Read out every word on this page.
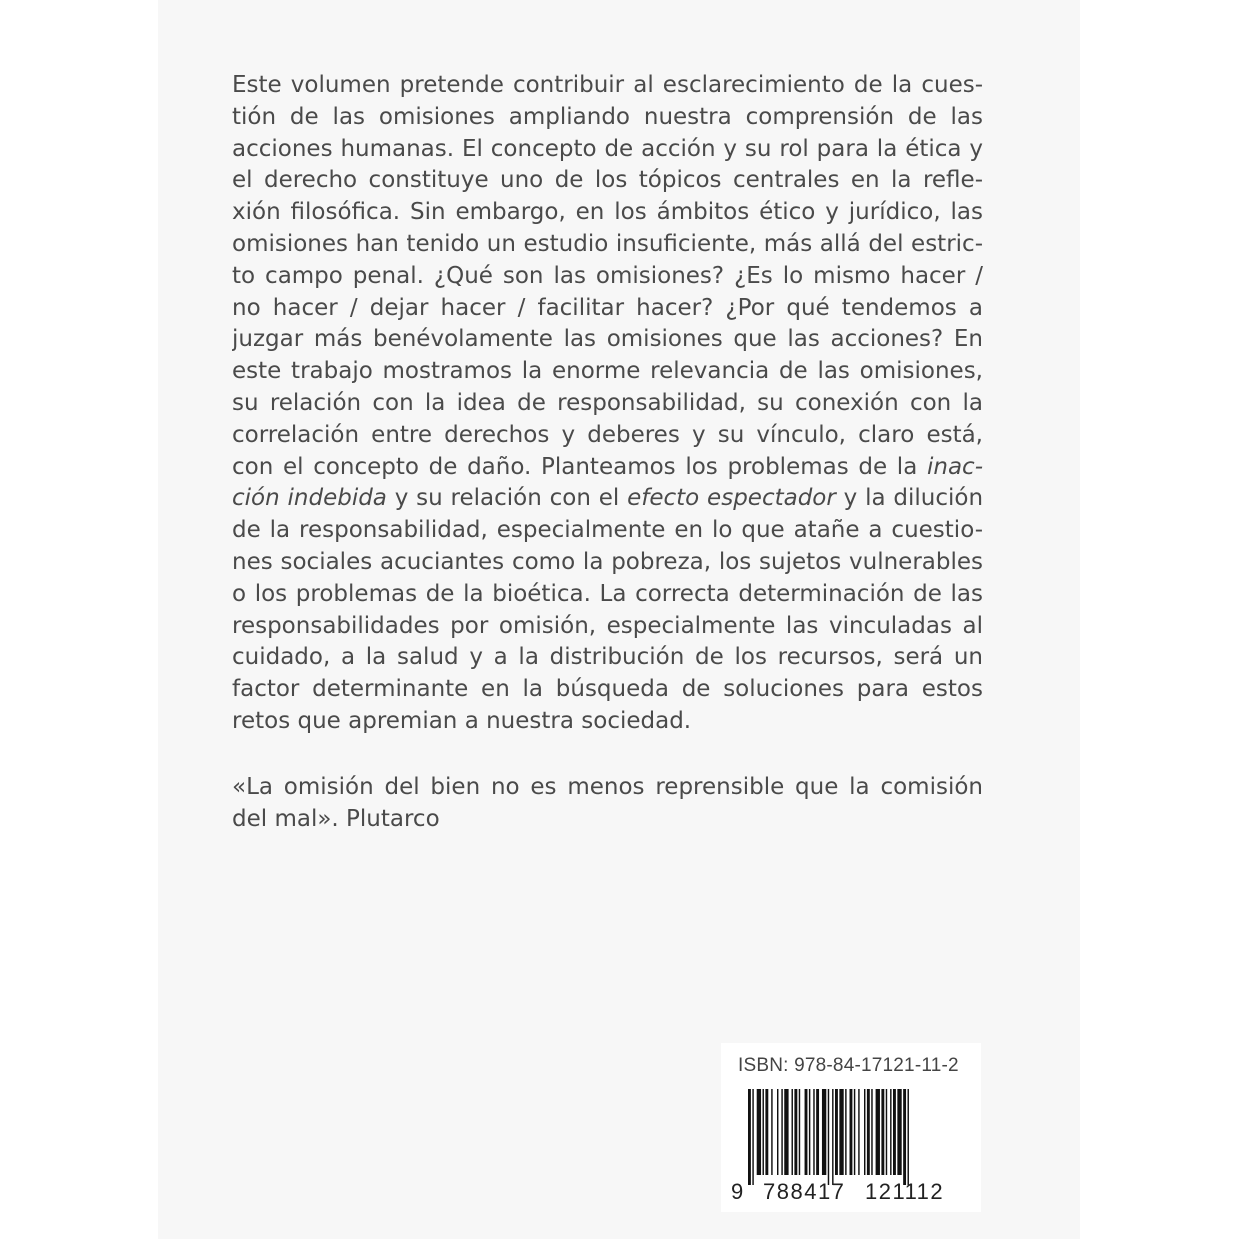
Este volumen pretende contribuir al esclarecimiento de la cues-
tión de las omisiones ampliando nuestra comprensión de las
acciones humanas. El concepto de acción y su rol para la ética y
el derecho constituye uno de los tópicos centrales en la refle-
xión filosófica. Sin embargo, en los ámbitos ético y jurídico, las
omisiones han tenido un estudio insuficiente, más allá del estric-
to campo penal. ¿Qué son las omisiones? ¿Es lo mismo hacer /
no hacer / dejar hacer / facilitar hacer? ¿Por qué tendemos a
juzgar más benévolamente las omisiones que las acciones? En
este trabajo mostramos la enorme relevancia de las omisiones,
su relación con la idea de responsabilidad, su conexión con la
correlación entre derechos y deberes y su vínculo, claro está,
con el concepto de daño. Planteamos los problemas de la inac-
ción indebida y su relación con el efecto espectador y la dilución
de la responsabilidad, especialmente en lo que atañe a cuestio-
nes sociales acuciantes como la pobreza, los sujetos vulnerables
o los problemas de la bioética. La correcta determinación de las
responsabilidades por omisión, especialmente las vinculadas al
cuidado, a la salud y a la distribución de los recursos, será un
factor determinante en la búsqueda de soluciones para estos
retos que apremian a nuestra sociedad.
«La omisión del bien no es menos reprensible que la comisión
del mal». Plutarco
ISBN: 978-84-17121-11-2
9 788417 121112
